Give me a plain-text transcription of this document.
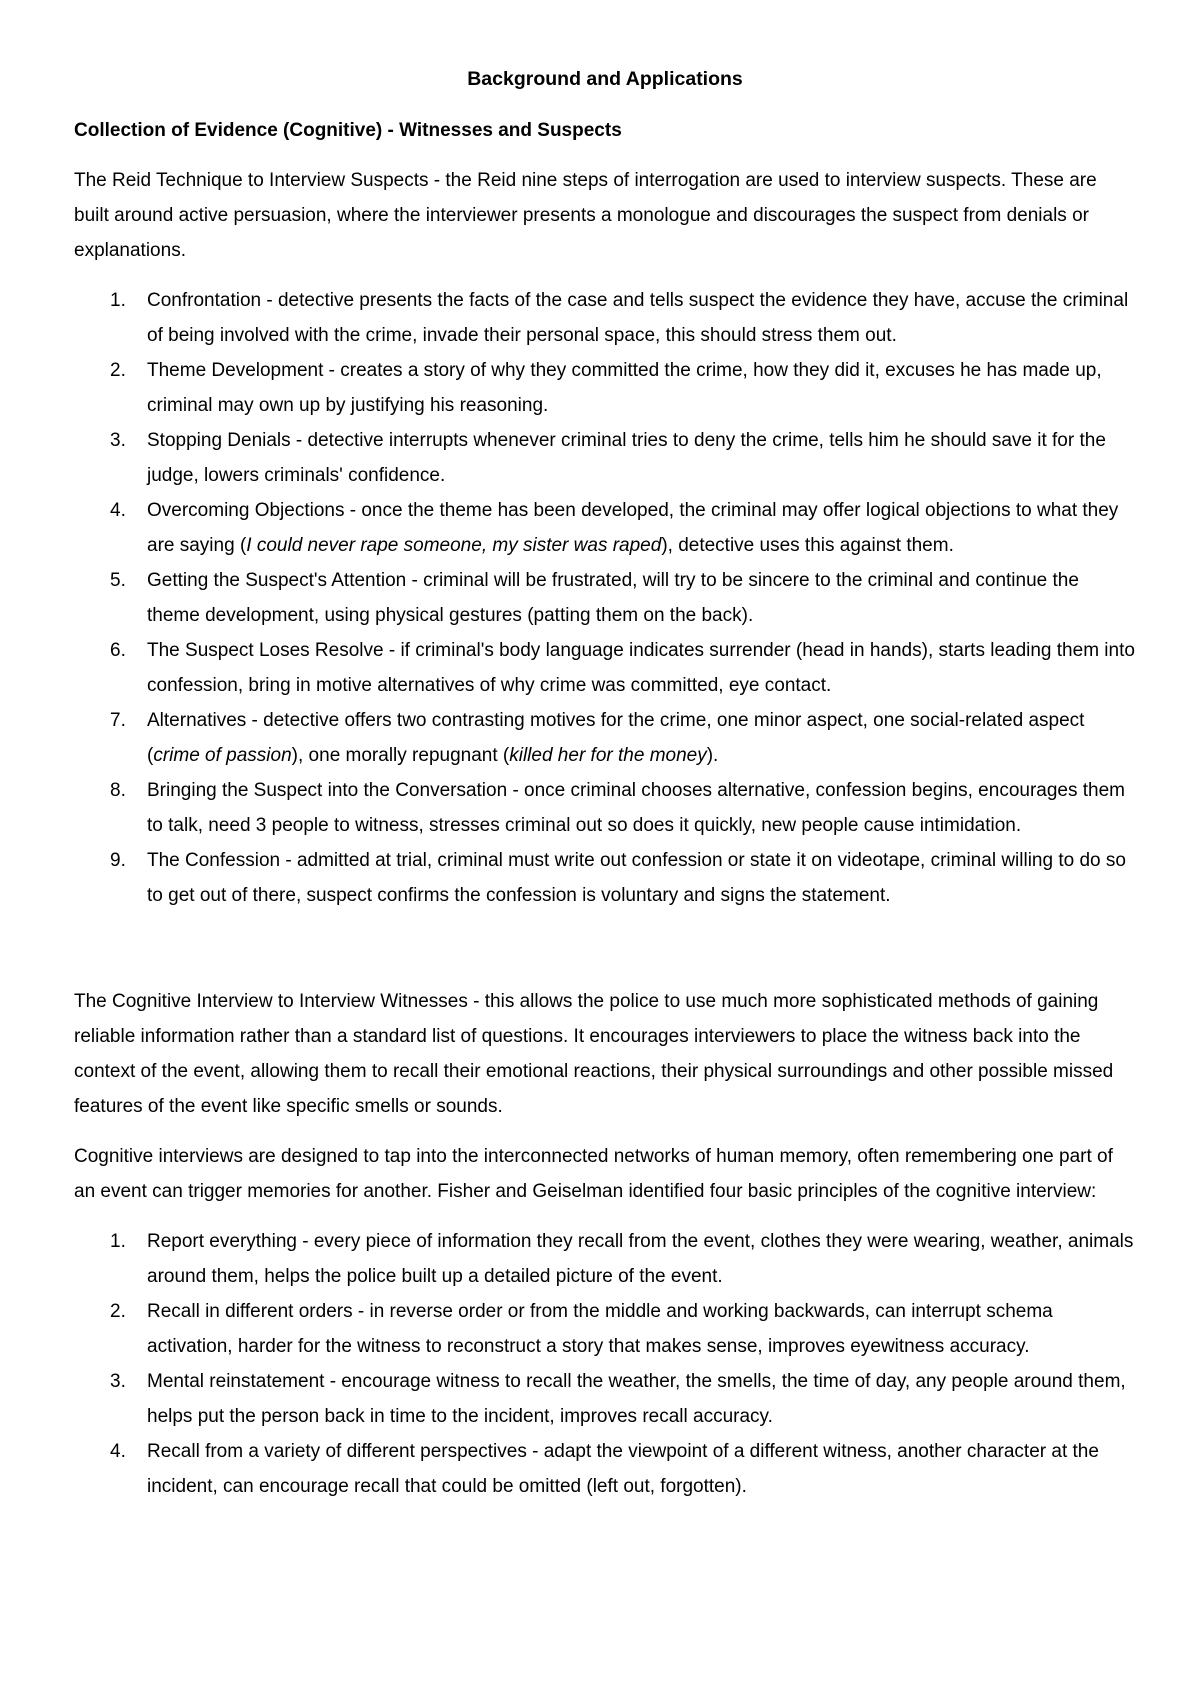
Background and Applications
Collection of Evidence (Cognitive) - Witnesses and Suspects

The Reid Technique to Interview Suspects - the Reid nine steps of interrogation are used to interview suspects. These are built around active persuasion, where the interviewer presents a monologue and discourages the suspect from denials or explanations.

1. Confrontation - detective presents the facts of the case and tells suspect the evidence they have, accuse the criminal of being involved with the crime, invade their personal space, this should stress them out.
2. Theme Development - creates a story of why they committed the crime, how they did it, excuses he has made up, criminal may own up by justifying his reasoning.
3. Stopping Denials - detective interrupts whenever criminal tries to deny the crime, tells him he should save it for the judge, lowers criminals' confidence.
4. Overcoming Objections - once the theme has been developed, the criminal may offer logical objections to what they are saying (I could never rape someone, my sister was raped), detective uses this against them.
5. Getting the Suspect's Attention - criminal will be frustrated, will try to be sincere to the criminal and continue the theme development, using physical gestures (patting them on the back).
6. The Suspect Loses Resolve - if criminal's body language indicates surrender (head in hands), starts leading them into confession, bring in motive alternatives of why crime was committed, eye contact.
7. Alternatives - detective offers two contrasting motives for the crime, one minor aspect, one social-related aspect (crime of passion), one morally repugnant (killed her for the money).
8. Bringing the Suspect into the Conversation - once criminal chooses alternative, confession begins, encourages them to talk, need 3 people to witness, stresses criminal out so does it quickly, new people cause intimidation.
9. The Confession - admitted at trial, criminal must write out confession or state it on videotape, criminal willing to do so to get out of there, suspect confirms the confession is voluntary and signs the statement.

The Cognitive Interview to Interview Witnesses - this allows the police to use much more sophisticated methods of gaining reliable information rather than a standard list of questions. It encourages interviewers to place the witness back into the context of the event, allowing them to recall their emotional reactions, their physical surroundings and other possible missed features of the event like specific smells or sounds.

Cognitive interviews are designed to tap into the interconnected networks of human memory, often remembering one part of an event can trigger memories for another. Fisher and Geiselman identified four basic principles of the cognitive interview:

1. Report everything - every piece of information they recall from the event, clothes they were wearing, weather, animals around them, helps the police built up a detailed picture of the event.
2. Recall in different orders - in reverse order or from the middle and working backwards, can interrupt schema activation, harder for the witness to reconstruct a story that makes sense, improves eyewitness accuracy.
3. Mental reinstatement - encourage witness to recall the weather, the smells, the time of day, any people around them, helps put the person back in time to the incident, improves recall accuracy.
4. Recall from a variety of different perspectives - adapt the viewpoint of a different witness, another character at the incident, can encourage recall that could be omitted (left out, forgotten).
